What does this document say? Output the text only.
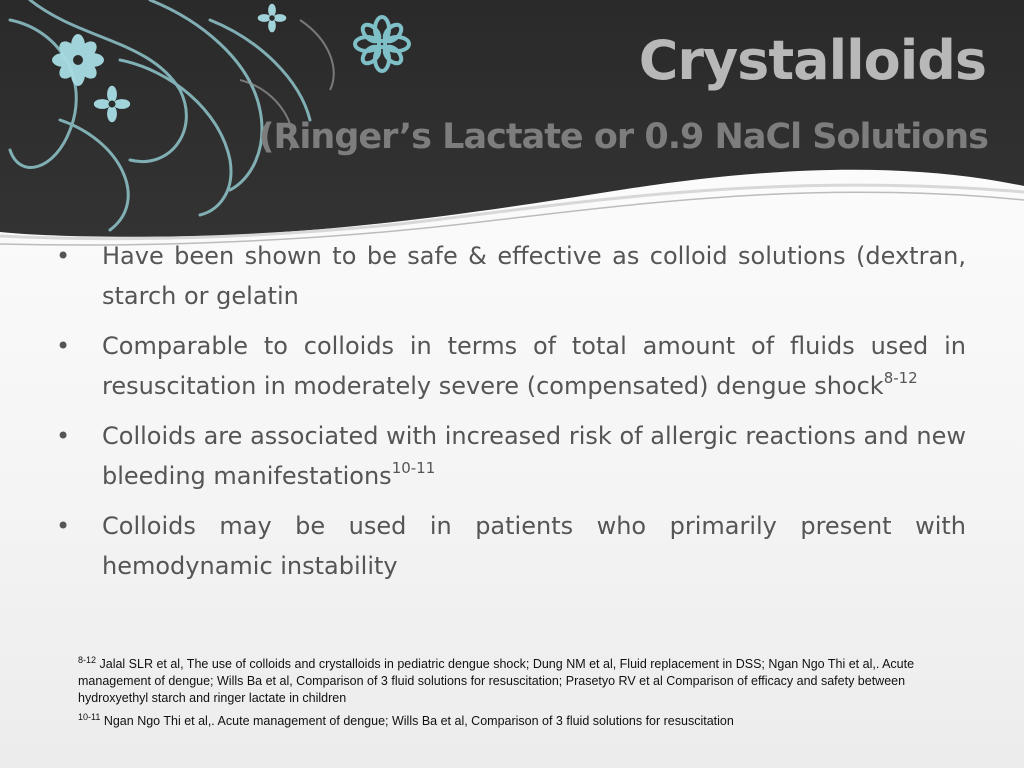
Crystalloids
(Ringer’s Lactate or 0.9 NaCl Solutions
• Have been shown to be safe & effective as colloid solutions (dextran, starch or gelatin
• Comparable to colloids in terms of total amount of fluids used in resuscitation in moderately severe (compensated) dengue shock$^{8-12}$
• Colloids are associated with increased risk of allergic reactions and new bleeding manifestations$^{10-11}$
• Colloids may be used in patients who primarily present with hemodynamic instability
$^{8-12}$ Jalal SLR et al, The use of colloids and crystalloids in pediatric dengue shock; Dung NM et al, Fluid replacement in DSS; Ngan Ngo Thi et al,. Acute management of dengue; Wills Ba et al, Comparison of 3 fluid solutions for resuscitation; Prasetyo RV et al Comparison of efficacy and safety between hydroxyethyl starch and ringer lactate in children
$^{10-11}$ Ngan Ngo Thi et al,. Acute management of dengue; Wills Ba et al, Comparison of 3 fluid solutions for resuscitation
